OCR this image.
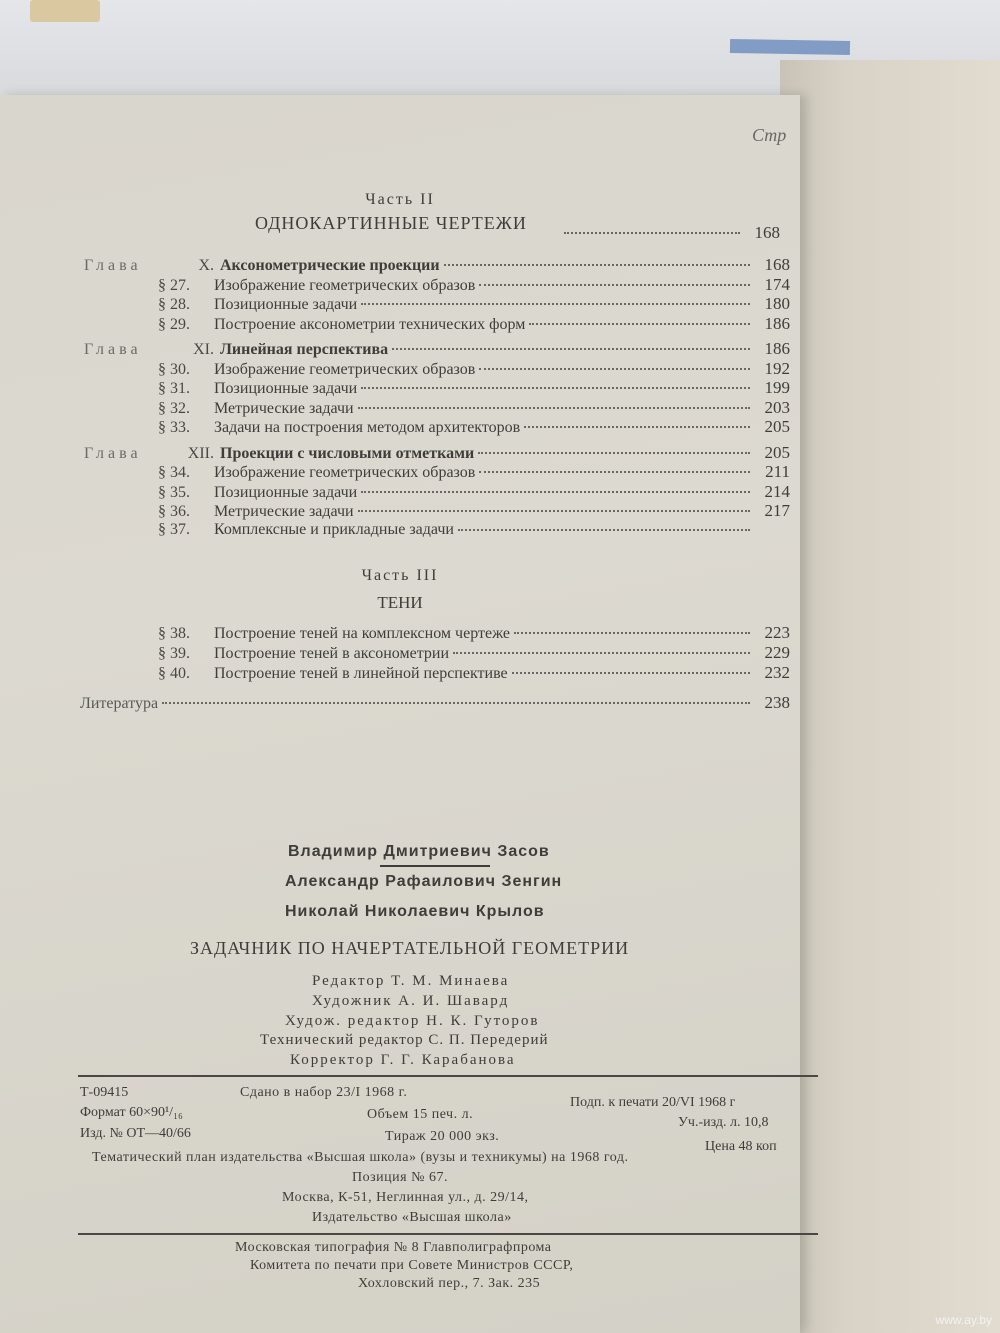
Стр
Часть II
ОДНОКАРТИННЫЕ ЧЕРТЕЖИ	168
Глава	X. Аксонометрические проекции	168
§ 27.	Изображение геометрических образов	174
§ 28.	Позиционные задачи	180
§ 29.	Построение аксонометрии технических форм	186
Глава	XI. Линейная перспектива	186
§ 30.	Изображение геометрических образов	192
§ 31.	Позиционные задачи	199
§ 32.	Метрические задачи	203
§ 33.	Задачи на построения методом архитекторов	205
Глава	XII. Проекции с числовыми отметками	205
§ 34.	Изображение геометрических образов	211
§ 35.	Позиционные задачи	214
§ 36.	Метрические задачи	217
§ 37.	Комплексные и прикладные задачи
Часть III
ТЕНИ
§ 38.	Построение теней на комплексном чертеже	223
§ 39.	Построение теней в аксонометрии	229
§ 40.	Построение теней в линейной перспективе	232
Литература	238
Владимир Дмитриевич Засов
Александр Рафаилович Зенгин
Николай Николаевич Крылов
ЗАДАЧНИК ПО НАЧЕРТАТЕЛЬНОЙ ГЕОМЕТРИИ
Редактор Т. М. Минаева
Художник А. И. Шавард
Худож. редактор Н. К. Гуторов
Технический редактор С. П. Передерий
Корректор Г. Г. Карабанова
Т-09415	Сдано в набор 23/I 1968 г.
Подп. к печати 20/VI 1968 г
Формат 60×90¹/₁₆	Объем 15 печ. л.
Уч.-изд. л. 10,8
Изд. № ОТ—40/66	Тираж 20 000 экз.
Цена 48 коп
Тематический план издательства «Высшая школа» (вузы и техникумы) на 1968 год.
Позиция № 67.
Москва, К-51, Неглинная ул., д. 29/14,
Издательство «Высшая школа»
Московская типография № 8 Главполиграфпрома
Комитета по печати при Совете Министров СССР,
Хохловский пер., 7. Зак. 235
www.ay.by
